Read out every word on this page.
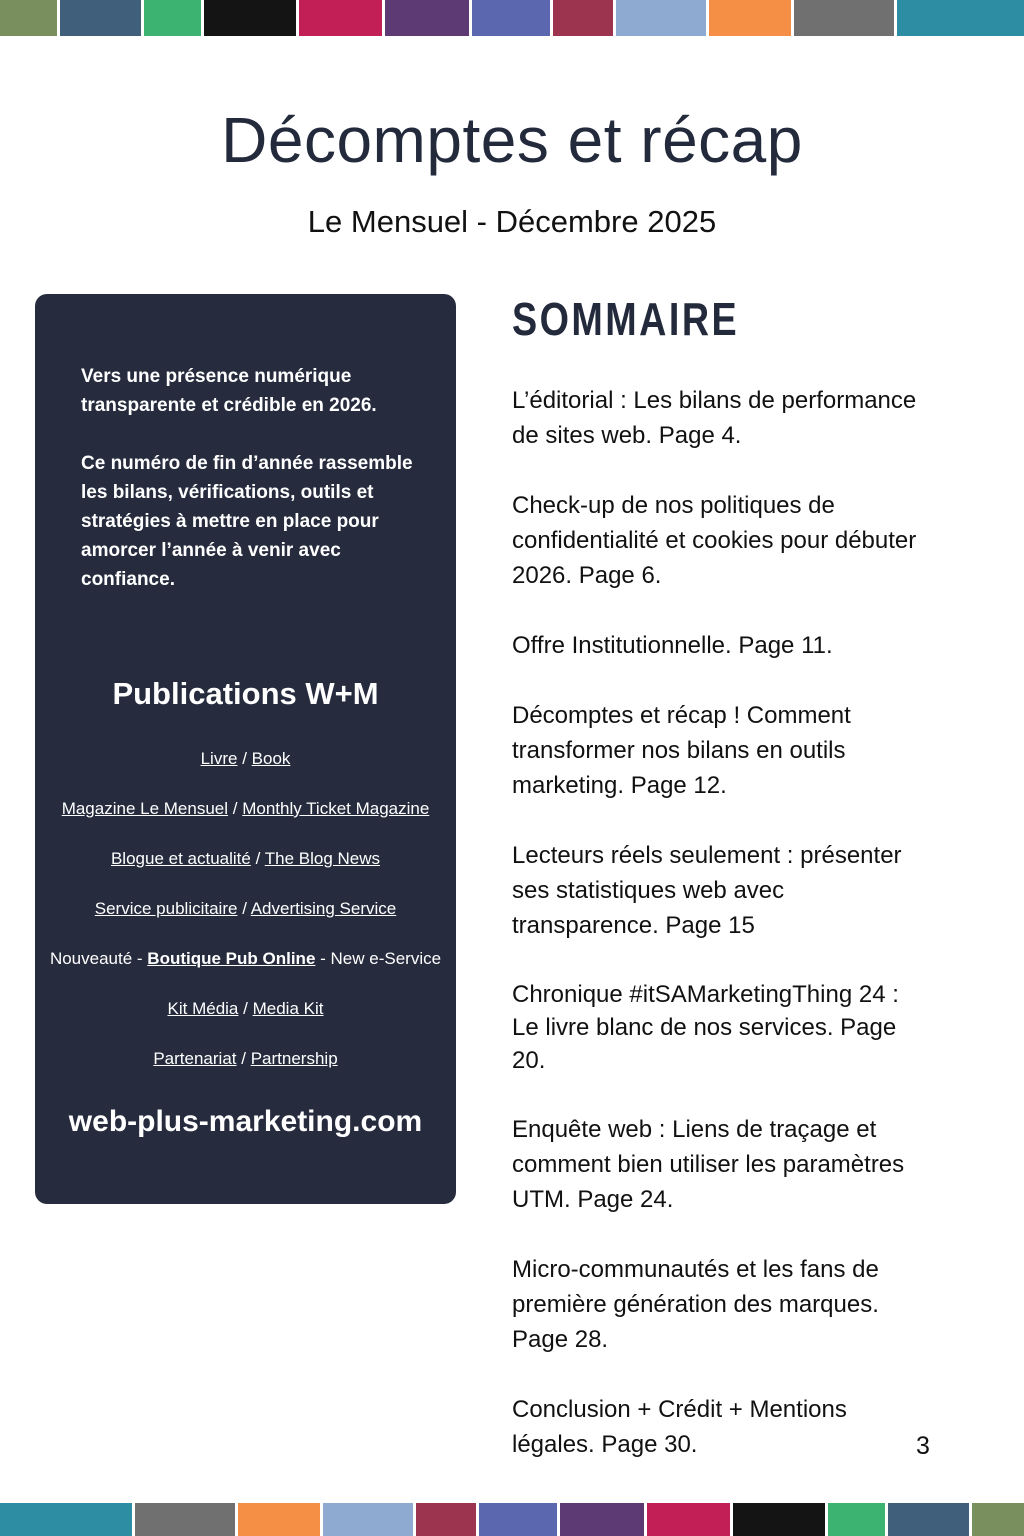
Décomptes et récap

Le Mensuel - Décembre 2025

Vers une présence numérique transparente et crédible en 2026.

Ce numéro de fin d’année rassemble les bilans, vérifications, outils et stratégies à mettre en place pour amorcer l’année à venir avec confiance.

Publications W+M
Livre / Book
Magazine Le Mensuel / Monthly Ticket Magazine
Blogue et actualité / The Blog News
Service publicitaire / Advertising Service
Nouveauté - Boutique Pub Online - New e-Service
Kit Média / Media Kit
Partenariat / Partnership
web-plus-marketing.com
SOMMAIRE
L’éditorial : Les bilans de performance de sites web. Page 4.
Check-up de nos politiques de confidentialité et cookies pour débuter 2026. Page 6.
Offre Institutionnelle. Page 11.
Décomptes et récap ! Comment transformer nos bilans en outils marketing. Page 12.
Lecteurs réels seulement : présenter ses statistiques web avec transparence. Page 15
Chronique #itSAMarketingThing 24 : Le livre blanc de nos services. Page 20.
Enquête web : Liens de traçage et comment bien utiliser les paramètres UTM. Page 24.
Micro-communautés et les fans de première génération des marques. Page 28.
Conclusion + Crédit + Mentions légales. Page 30.	3
